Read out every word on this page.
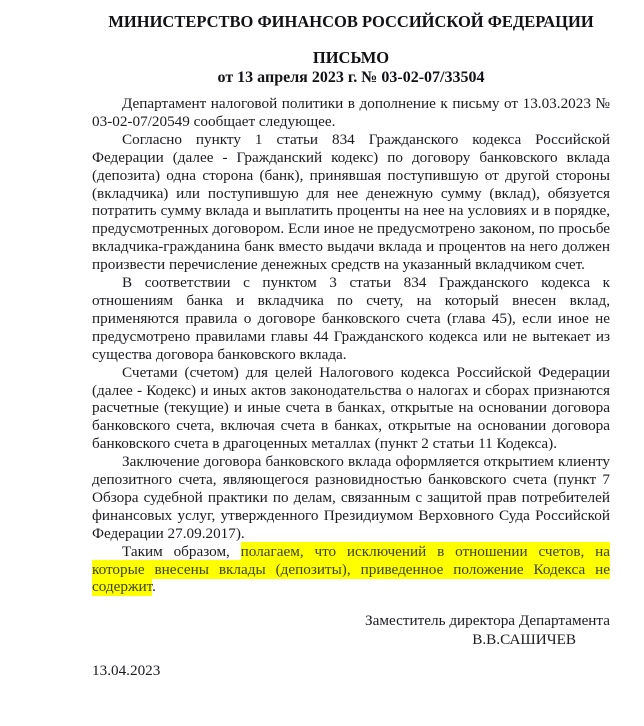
МИНИСТЕРСТВО ФИНАНСОВ РОССИЙСКОЙ ФЕДЕРАЦИИ
ПИСЬМО
от 13 апреля 2023 г. № 03-02-07/33504

Департамент налоговой политики в дополнение к письму от 13.03.2023 № 03-02-07/20549 сообщает следующее.

Согласно пункту 1 статьи 834 Гражданского кодекса Российской Федерации (далее - Гражданский кодекс) по договору банковского вклада (депозита) одна сторона (банк), принявшая поступившую от другой стороны (вкладчика) или поступившую для нее денежную сумму (вклад), обязуется потратить сумму вклада и выплатить проценты на нее на условиях и в порядке, предусмотренных договором. Если иное не предусмотрено законом, по просьбе вкладчика-гражданина банк вместо выдачи вклада и процентов на него должен произвести перечисление денежных средств на указанный вкладчиком счет.

В соответствии с пунктом 3 статьи 834 Гражданского кодекса к отношениям банка и вкладчика по счету, на который внесен вклад, применяются правила о договоре банковского счета (глава 45), если иное не предусмотрено правилами главы 44 Гражданского кодекса или не вытекает из существа договора банковского вклада.

Счетами (счетом) для целей Налогового кодекса Российской Федерации (далее - Кодекс) и иных актов законодательства о налогах и сборах признаются расчетные (текущие) и иные счета в банках, открытые на основании договора банковского счета, включая счета в банках, открытые на основании договора банковского счета в драгоценных металлах (пункт 2 статьи 11 Кодекса).

Заключение договора банковского вклада оформляется открытием клиенту депозитного счета, являющегося разновидностью банковского счета (пункт 7 Обзора судебной практики по делам, связанным с защитой прав потребителей финансовых услуг, утвержденного Президиумом Верховного Суда Российской Федерации 27.09.2017).

Таким образом, полагаем, что исключений в отношении счетов, на которые внесены вклады (депозиты), приведенное положение Кодекса не содержит.

Заместитель директора Департамента
В.В.САШИЧЕВ
13.04.2023
